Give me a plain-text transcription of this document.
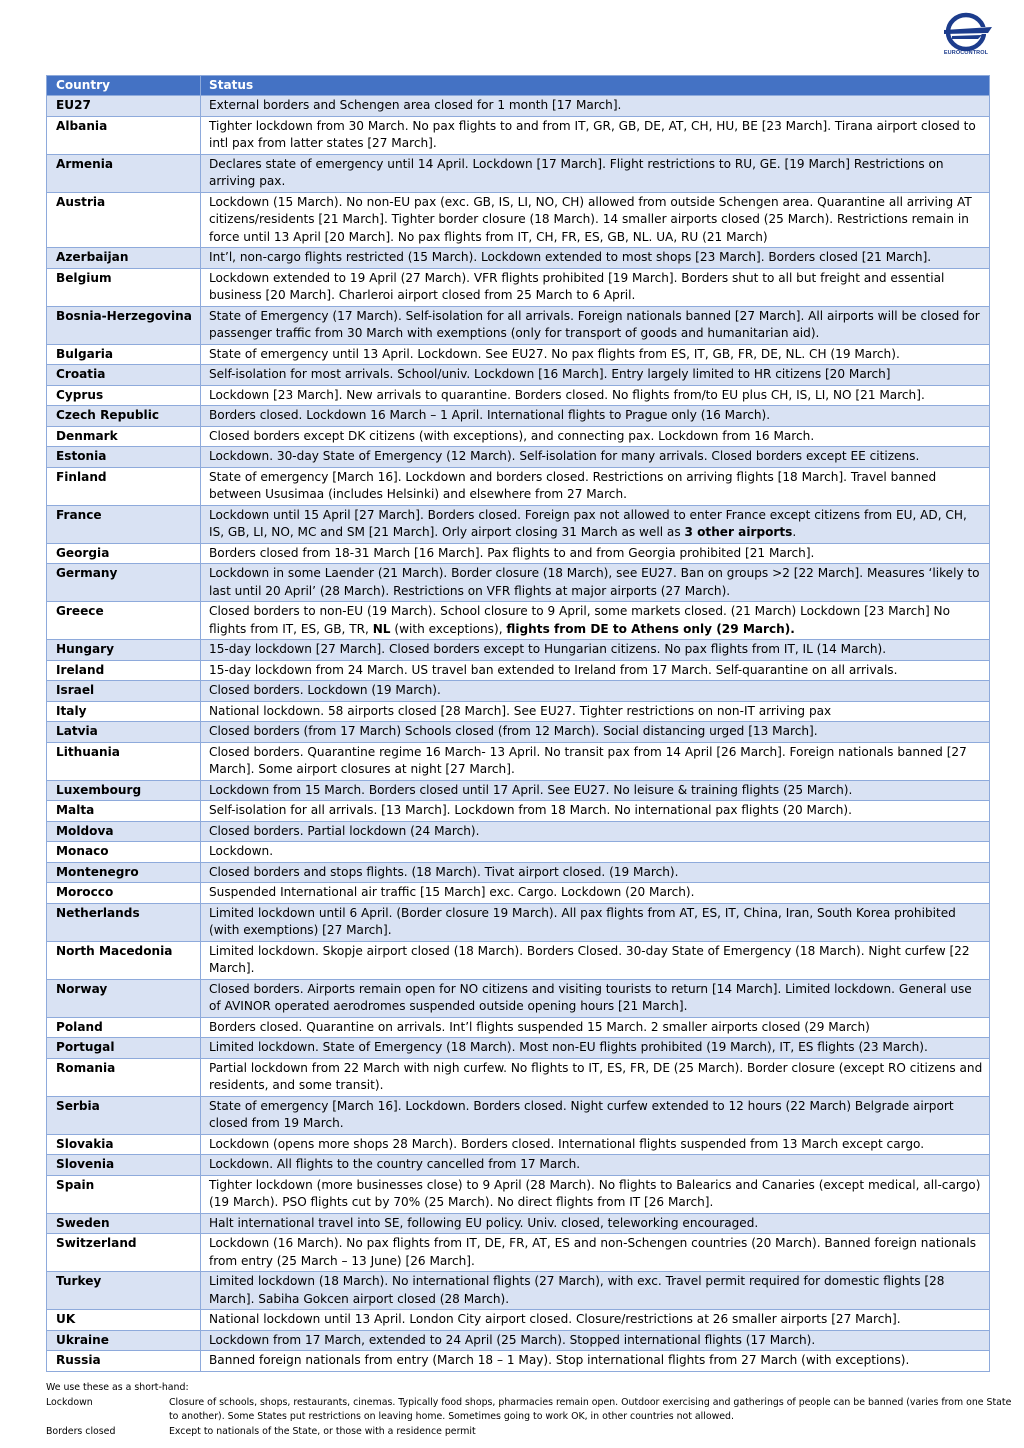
EUROCONTROL
Country	Status
EU27	External borders and Schengen area closed for 1 month [17 March].
Albania	Tighter lockdown from 30 March. No pax flights to and from IT, GR, GB, DE, AT, CH, HU, BE [23 March]. Tirana airport closed to intl pax from latter states [27 March].
Armenia	Declares state of emergency until 14 April. Lockdown [17 March]. Flight restrictions to RU, GE. [19 March] Restrictions on arriving pax.
Austria	Lockdown (15 March). No non-EU pax (exc. GB, IS, LI, NO, CH) allowed from outside Schengen area. Quarantine all arriving AT citizens/residents [21 March]. Tighter border closure (18 March). 14 smaller airports closed (25 March). Restrictions remain in force until 13 April [20 March]. No pax flights from IT, CH, FR, ES, GB, NL. UA, RU (21 March)
Azerbaijan	Int’l, non-cargo flights restricted (15 March). Lockdown extended to most shops [23 March]. Borders closed [21 March].
Belgium	Lockdown extended to 19 April (27 March). VFR flights prohibited [19 March]. Borders shut to all but freight and essential business [20 March]. Charleroi airport closed from 25 March to 6 April.
Bosnia-Herzegovina	State of Emergency (17 March). Self-isolation for all arrivals. Foreign nationals banned [27 March]. All airports will be closed for passenger traffic from 30 March with exemptions (only for transport of goods and humanitarian aid).
Bulgaria	State of emergency until 13 April. Lockdown. See EU27. No pax flights from ES, IT, GB, FR, DE, NL. CH (19 March).
Croatia	Self-isolation for most arrivals. School/univ. Lockdown [16 March]. Entry largely limited to HR citizens [20 March]
Cyprus	Lockdown [23 March]. New arrivals to quarantine. Borders closed. No flights from/to EU plus CH, IS, LI, NO [21 March].
Czech Republic	Borders closed. Lockdown 16 March – 1 April. International flights to Prague only (16 March).
Denmark	Closed borders except DK citizens (with exceptions), and connecting pax. Lockdown from 16 March.
Estonia	Lockdown. 30-day State of Emergency (12 March). Self-isolation for many arrivals. Closed borders except EE citizens.
Finland	State of emergency [March 16]. Lockdown and borders closed. Restrictions on arriving flights [18 March]. Travel banned between Ususimaa (includes Helsinki) and elsewhere from 27 March.
France	Lockdown until 15 April [27 March]. Borders closed. Foreign pax not allowed to enter France except citizens from EU, AD, CH, IS, GB, LI, NO, MC and SM [21 March]. Orly airport closing 31 March as well as 3 other airports.
Georgia	Borders closed from 18-31 March [16 March]. Pax flights to and from Georgia prohibited [21 March].
Germany	Lockdown in some Laender (21 March). Border closure (18 March), see EU27. Ban on groups >2 [22 March]. Measures ‘likely to last until 20 April’ (28 March). Restrictions on VFR flights at major airports (27 March).
Greece	Closed borders to non-EU (19 March). School closure to 9 April, some markets closed. (21 March) Lockdown [23 March] No flights from IT, ES, GB, TR, NL (with exceptions), flights from DE to Athens only (29 March).
Hungary	15-day lockdown [27 March]. Closed borders except to Hungarian citizens. No pax flights from IT, IL (14 March).
Ireland	15-day lockdown from 24 March. US travel ban extended to Ireland from 17 March. Self-quarantine on all arrivals.
Israel	Closed borders. Lockdown (19 March).
Italy	National lockdown. 58 airports closed [28 March]. See EU27. Tighter restrictions on non-IT arriving pax
Latvia	Closed borders (from 17 March) Schools closed (from 12 March). Social distancing urged [13 March].
Lithuania	Closed borders. Quarantine regime 16 March- 13 April. No transit pax from 14 April [26 March]. Foreign nationals banned [27 March]. Some airport closures at night [27 March].
Luxembourg	Lockdown from 15 March. Borders closed until 17 April. See EU27. No leisure & training flights (25 March).
Malta	Self-isolation for all arrivals. [13 March]. Lockdown from 18 March. No international pax flights (20 March).
Moldova	Closed borders. Partial lockdown (24 March).
Monaco	Lockdown.
Montenegro	Closed borders and stops flights. (18 March). Tivat airport closed. (19 March).
Morocco	Suspended International air traffic [15 March] exc. Cargo. Lockdown (20 March).
Netherlands	Limited lockdown until 6 April. (Border closure 19 March). All pax flights from AT, ES, IT, China, Iran, South Korea prohibited (with exemptions) [27 March].
North Macedonia	Limited lockdown. Skopje airport closed (18 March). Borders Closed. 30-day State of Emergency (18 March). Night curfew [22 March].
Norway	Closed borders. Airports remain open for NO citizens and visiting tourists to return [14 March]. Limited lockdown. General use of AVINOR operated aerodromes suspended outside opening hours [21 March].
Poland	Borders closed. Quarantine on arrivals. Int’l flights suspended 15 March. 2 smaller airports closed (29 March)
Portugal	Limited lockdown. State of Emergency (18 March). Most non-EU flights prohibited (19 March), IT, ES flights (23 March).
Romania	Partial lockdown from 22 March with nigh curfew. No flights to IT, ES, FR, DE (25 March). Border closure (except RO citizens and residents, and some transit).
Serbia	State of emergency [March 16]. Lockdown. Borders closed. Night curfew extended to 12 hours (22 March) Belgrade airport closed from 19 March.
Slovakia	Lockdown (opens more shops 28 March). Borders closed. International flights suspended from 13 March except cargo.
Slovenia	Lockdown. All flights to the country cancelled from 17 March.
Spain	Tighter lockdown (more businesses close) to 9 April (28 March). No flights to Balearics and Canaries (except medical, all-cargo) (19 March). PSO flights cut by 70% (25 March). No direct flights from IT [26 March].
Sweden	Halt international travel into SE, following EU policy. Univ. closed, teleworking encouraged.
Switzerland	Lockdown (16 March). No pax flights from IT, DE, FR, AT, ES and non-Schengen countries (20 March). Banned foreign nationals from entry (25 March – 13 June) [26 March].
Turkey	Limited lockdown (18 March). No international flights (27 March), with exc. Travel permit required for domestic flights [28 March]. Sabiha Gokcen airport closed (28 March).
UK	National lockdown until 13 April. London City airport closed. Closure/restrictions at 26 smaller airports [27 March].
Ukraine	Lockdown from 17 March, extended to 24 April (25 March). Stopped international flights (17 March).
Russia	Banned foreign nationals from entry (March 18 – 1 May). Stop international flights from 27 March (with exceptions).
We use these as a short-hand:
Lockdown	Closure of schools, shops, restaurants, cinemas. Typically food shops, pharmacies remain open. Outdoor exercising and gatherings of people can be banned (varies from one State to another). Some States put restrictions on leaving home. Sometimes going to work OK, in other countries not allowed.
Borders closed	Except to nationals of the State, or those with a residence permit
